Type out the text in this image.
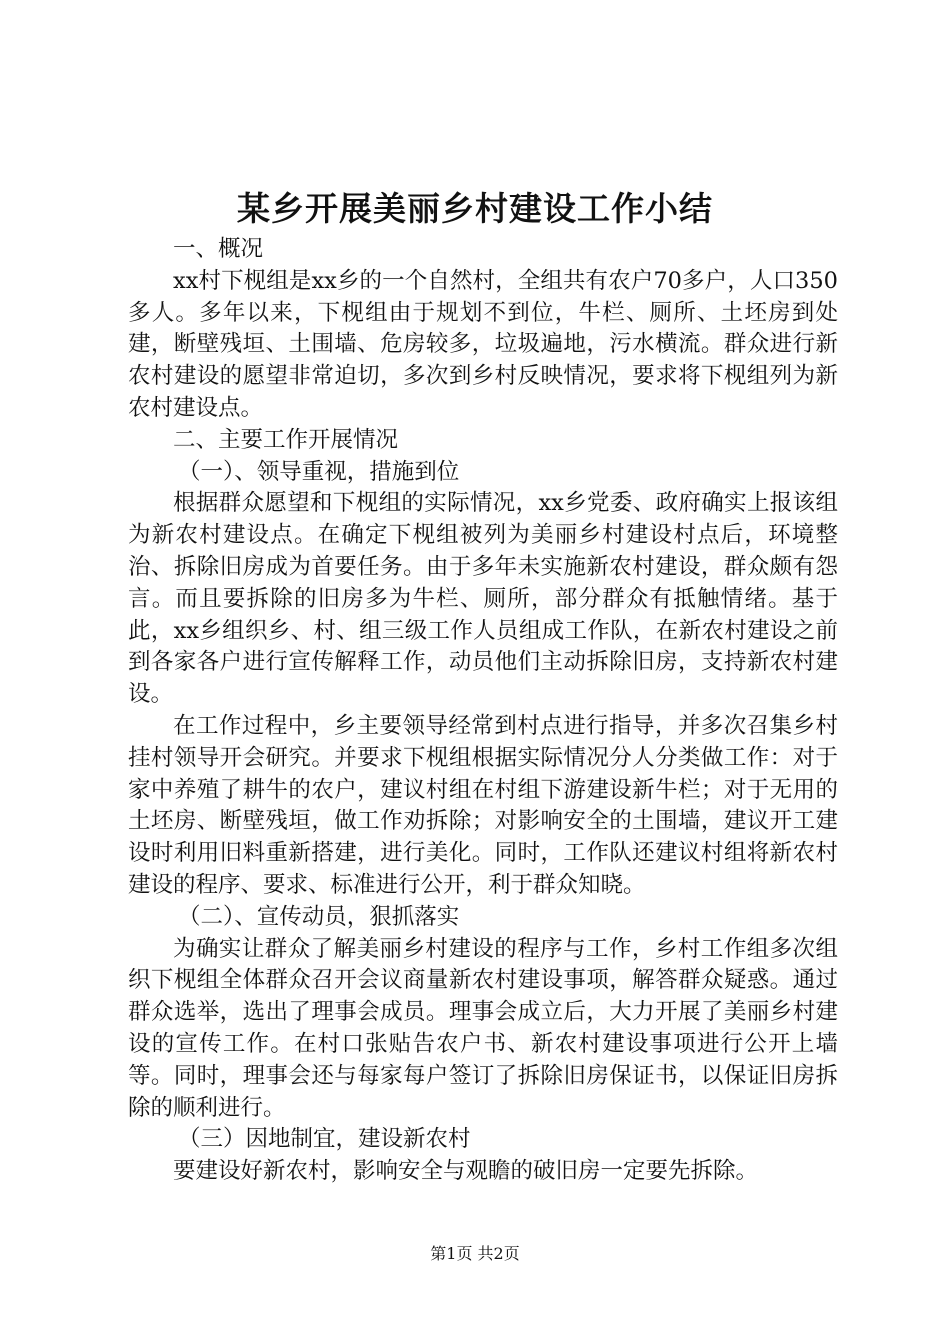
某乡开展美丽乡村建设工作小结

一、概况

xx村下枧组是xx乡的一个自然村，全组共有农户70多户，人口350多人。多年以来，下枧组由于规划不到位，牛栏、厕所、土坯房到处建，断壁残垣、土围墙、危房较多，垃圾遍地，污水横流。群众进行新农村建设的愿望非常迫切，多次到乡村反映情况，要求将下枧组列为新农村建设点。

二、主要工作开展情况

（一）、领导重视，措施到位

根据群众愿望和下枧组的实际情况，xx乡党委、政府确实上报该组为新农村建设点。在确定下枧组被列为美丽乡村建设村点后，环境整治、拆除旧房成为首要任务。由于多年未实施新农村建设，群众颇有怨言。而且要拆除的旧房多为牛栏、厕所，部分群众有抵触情绪。基于此，xx乡组织乡、村、组三级工作人员组成工作队，在新农村建设之前到各家各户进行宣传解释工作，动员他们主动拆除旧房，支持新农村建设。

在工作过程中，乡主要领导经常到村点进行指导，并多次召集乡村挂村领导开会研究。并要求下枧组根据实际情况分人分类做工作：对于家中养殖了耕牛的农户，建议村组在村组下游建设新牛栏；对于无用的土坯房、断壁残垣，做工作劝拆除；对影响安全的土围墙，建议开工建设时利用旧料重新搭建，进行美化。同时，工作队还建议村组将新农村建设的程序、要求、标准进行公开，利于群众知晓。

（二）、宣传动员，狠抓落实

为确实让群众了解美丽乡村建设的程序与工作，乡村工作组多次组织下枧组全体群众召开会议商量新农村建设事项，解答群众疑惑。通过群众选举，选出了理事会成员。理事会成立后，大力开展了美丽乡村建设的宣传工作。在村口张贴告农户书、新农村建设事项进行公开上墙等。同时，理事会还与每家每户签订了拆除旧房保证书，以保证旧房拆除的顺利进行。

（三）因地制宜，建设新农村

要建设好新农村，影响安全与观瞻的破旧房一定要先拆除。

第1页 共2页
